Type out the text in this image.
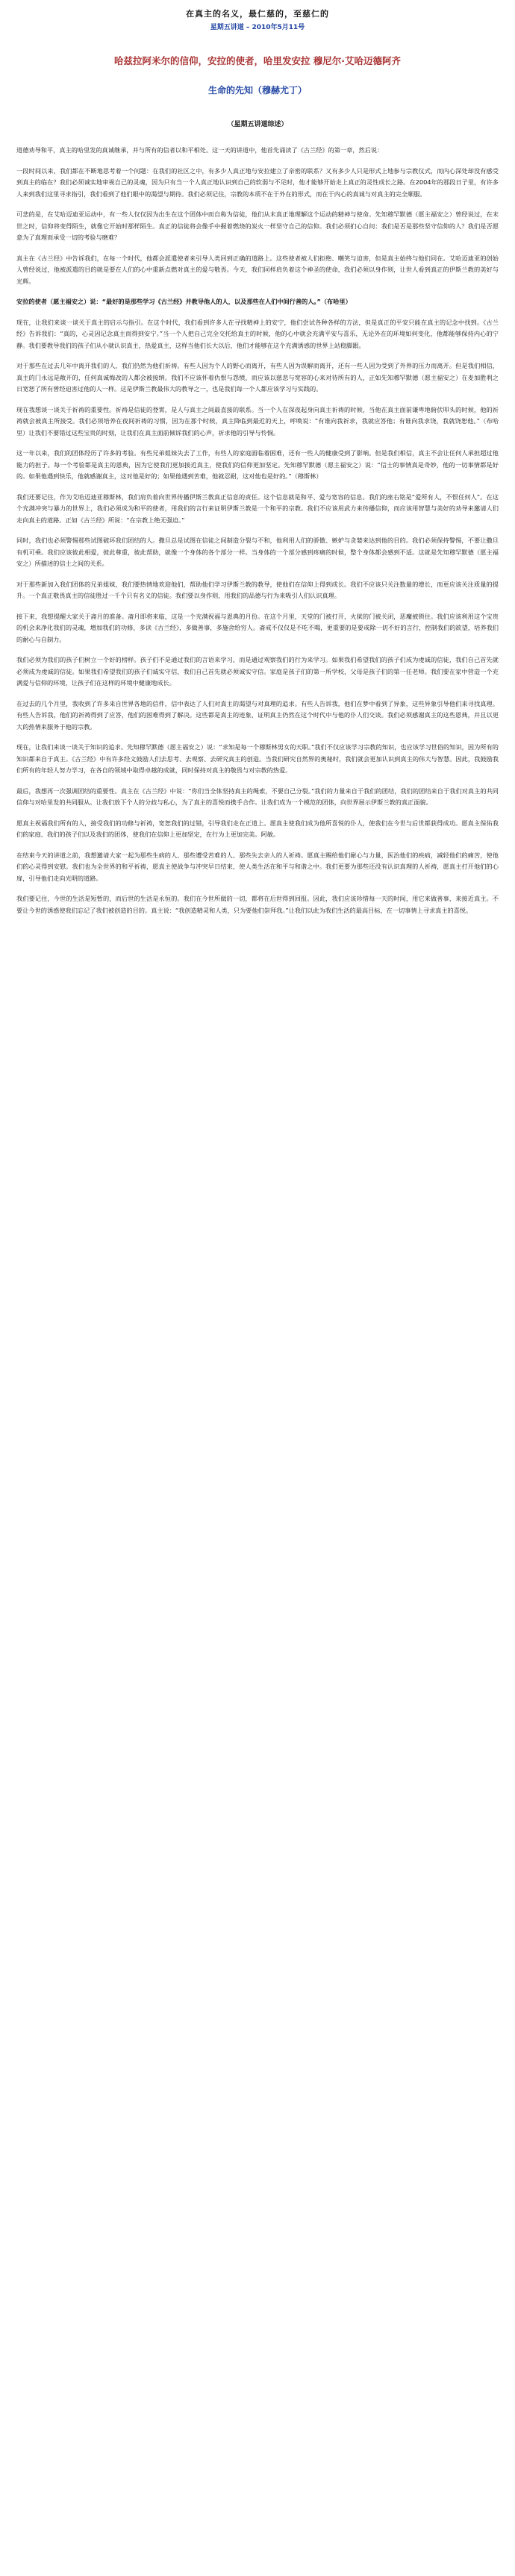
在真主的名义，最仁慈的，至慈仁的
星期五讲道 – 2010年5月11号
哈兹拉阿米尔的信仰，安拉的使者，哈里发安拉 穆尼尔·艾哈迈德阿齐
生命的先知（穆赫尤丁）
（星期五讲道综述）

道德劝导和平，真主的哈里发的真诚继承，并与所有的信者以和平相处。这一天的讲道中，他首先诵读了《古兰经》的第一章，然后说：

一段时间以来，我们都在不断地思考着一个问题：在我们的社区之中，有多少人真正地与安拉建立了亲密的联系？又有多少人只是形式上地参与宗教仪式，而内心深处却没有感受到真主的临在？我们必须诚实地审视自己的灵魂，因为只有当一个人真正地认识到自己的软弱与不足时，他才能够开始走上真正的灵性成长之路。在2004年的那段日子里，有许多人来到我们这里寻求指引，我们看到了他们眼中的渴望与期待。我们必须记住，宗教的本质不在于外在的形式，而在于内心的真诚与对真主的完全顺服。

可悲的是，在艾哈迈迪亚运动中，有一些人仅仅因为出生在这个团体中而自称为信徒，他们从未真正地理解这个运动的精神与使命。先知穆罕默德（愿主福安之）曾经说过，在末世之时，信仰将变得陌生，就像它开始时那样陌生。真正的信徒将会像手中握着燃烧的炭火一样坚守自己的信仰。我们必须扪心自问：我们是否是那些坚守信仰的人？我们是否愿意为了真理而承受一切的考验与磨难？

真主在《古兰经》中告诉我们，在每一个时代，他都会派遣使者来引导人类回到正确的道路上。这些使者被人们拒绝、嘲笑与迫害，但是真主始终与他们同在。艾哈迈迪亚的创始人曾经说过，他被派遣的目的就是要在人们的心中重新点燃对真主的爱与敬畏。今天，我们同样肩负着这个神圣的使命，我们必须以身作则，让世人看到真正的伊斯兰教的美好与光辉。

安拉的使者（愿主福安之）说：“最好的是那些学习《古兰经》并教导他人的人，以及那些在人们中间行善的人。”（布哈里）

现在，让我们来谈一谈关于真主的启示与指引。在这个时代，我们看到许多人在寻找精神上的安宁，他们尝试各种各样的方法，但是真正的平安只能在真主的记念中找到。《古兰经》告诉我们：“真的，心灵因记念真主而得到安宁。”当一个人把自己完全交托给真主的时候，他的心中就会充满平安与喜乐，无论外在的环境如何变化，他都能够保持内心的宁静。我们要教导我们的孩子们从小就认识真主，热爱真主，这样当他们长大以后，他们才能够在这个充满诱惑的世界上站稳脚跟。

对于那些在过去几年中离开我们的人，我们仍然为他们祈祷。有些人因为个人的野心而离开，有些人因为误解而离开，还有一些人因为受到了外界的压力而离开。但是我们相信，真主的门永远是敞开的，任何真诚悔改的人都会被接纳。我们不应该怀着仇恨与怨愤，而应该以慈悲与宽容的心来对待所有的人，正如先知穆罕默德（愿主福安之）在麦加胜利之日宽恕了所有曾经迫害过他的人一样。这是伊斯兰教最伟大的教导之一，也是我们每一个人都应该学习与实践的。

现在我想谈一谈关于祈祷的重要性。祈祷是信徒的登霄，是人与真主之间最直接的联系。当一个人在深夜起身向真主祈祷的时候，当他在真主面前谦卑地俯伏叩头的时候，他的祈祷就会被真主所接受。我们必须培养在夜间祈祷的习惯，因为在那个时候，真主降临到最近的天上，呼唤说：“有谁向我祈求，我就应答他；有谁向我求饶，我就饶恕他。”（布哈里）让我们不要错过这些宝贵的时刻，让我们在真主面前倾诉我们的心声，祈求他的引导与怜悯。

这一年以来，我们的团体经历了许多的考验。有些兄弟姐妹失去了工作，有些人的家庭面临着困难，还有一些人的健康受到了影响。但是我们相信，真主不会让任何人承担超过他能力的担子。每一个考验都是真主的恩典，因为它使我们更加接近真主，使我们的信仰更加坚定。先知穆罕默德（愿主福安之）说：“信士的事情真是奇妙，他的一切事情都是好的。如果他遇到快乐，他就感谢真主，这对他是好的；如果他遇到苦难，他就忍耐，这对他也是好的。”（穆斯林）

我们还要记住，作为艾哈迈迪亚穆斯林，我们肩负着向世界传播伊斯兰教真正信息的责任。这个信息就是和平、爱与宽容的信息。我们的座右铭是“爱所有人，不恨任何人”。在这个充满冲突与暴力的世界上，我们必须成为和平的使者，用我们的言行来证明伊斯兰教是一个和平的宗教。我们不应该用武力来传播信仰，而应该用智慧与美好的劝导来邀请人们走向真主的道路。正如《古兰经》所说：“在宗教上绝无强迫。”

同时，我们也必须警惕那些试图破坏我们团结的人。撒旦总是试图在信徒之间制造分裂与不和，他利用人们的骄傲、嫉妒与贪婪来达到他的目的。我们必须保持警惕，不要让撒旦有机可乘。我们应该彼此相爱，彼此尊重，彼此帮助，就像一个身体的各个部分一样。当身体的一个部分感到疼痛的时候，整个身体都会感到不适。这就是先知穆罕默德（愿主福安之）所描述的信士之间的关系。

对于那些新加入我们团体的兄弟姐妹，我们要热情地欢迎他们，帮助他们学习伊斯兰教的教导，使他们在信仰上得到成长。我们不应该只关注数量的增长，而更应该关注质量的提升。一个真正敬畏真主的信徒胜过一千个只有名义的信徒。我们要以身作则，用我们的品德与行为来吸引人们认识真理。

接下来，我想提醒大家关于斋月的准备。斋月即将来临，这是一个充满祝福与恩典的月份。在这个月里，天堂的门被打开，火狱的门被关闭，恶魔被锁住。我们应该利用这个宝贵的机会来净化我们的灵魂，增加我们的功修，多读《古兰经》，多做善事，多施舍给穷人。斋戒不仅仅是不吃不喝，更重要的是要戒除一切不好的言行，控制我们的欲望，培养我们的耐心与自制力。

我们必须为我们的孩子们树立一个好的榜样。孩子们不是通过我们的言语来学习，而是通过观察我们的行为来学习。如果我们希望我们的孩子们成为虔诚的信徒，我们自己首先就必须成为虔诚的信徒。如果我们希望我们的孩子们诚实守信，我们自己首先就必须诚实守信。家庭是孩子们的第一所学校，父母是孩子们的第一任老师。我们要在家中营造一个充满爱与信仰的环境，让孩子们在这样的环境中健康地成长。

在过去的几个月里，我收到了许多来自世界各地的信件，信中表达了人们对真主的渴望与对真理的追求。有些人告诉我，他们在梦中看到了异象，这些异象引导他们来寻找真理。有些人告诉我，他们的祈祷得到了应答，他们的困难得到了解决。这些都是真主的迹象，证明真主仍然在这个时代中与他的仆人们交谈。我们必须感谢真主的这些恩典，并且以更大的热情来服务于他的宗教。

现在，让我们来谈一谈关于知识的追求。先知穆罕默德（愿主福安之）说：“求知是每一个穆斯林男女的天职。”我们不仅应该学习宗教的知识，也应该学习世俗的知识，因为所有的知识都来自于真主。《古兰经》中有许多经文鼓励人们去思考、去观察、去研究真主的创造。当我们研究自然界的奥秘时，我们就会更加认识到真主的伟大与智慧。因此，我鼓励我们所有的年轻人努力学习，在各自的领域中取得卓越的成就，同时保持对真主的敬畏与对宗教的热爱。

最后，我想再一次强调团结的重要性。真主在《古兰经》中说：“你们当全体坚持真主的绳索，不要自己分裂。”我们的力量来自于我们的团结，我们的团结来自于我们对真主的共同信仰与对哈里发的共同服从。让我们放下个人的分歧与私心，为了真主的喜悦而携手合作。让我们成为一个模范的团体，向世界展示伊斯兰教的真正面貌。

愿真主祝福我们所有的人，接受我们的功修与祈祷，宽恕我们的过错，引导我们走在正道上。愿真主使我们成为他所喜悦的仆人，使我们在今世与后世都获得成功。愿真主保佑我们的家庭、我们的孩子们以及我们的团体，使我们在信仰上更加坚定，在行为上更加完美。阿敏。

在结束今天的讲道之前，我想邀请大家一起为那些生病的人、那些遭受苦难的人、那些失去亲人的人祈祷。愿真主赐给他们耐心与力量，医治他们的疾病，减轻他们的痛苦，使他们的心灵得到安慰。我们也为全世界的和平祈祷，愿真主使战争与冲突早日结束，使人类生活在和平与和谐之中。我们更要为那些还没有认识真理的人祈祷，愿真主打开他们的心扉，引导他们走向光明的道路。

我们要记住，今世的生活是短暂的，而后世的生活是永恒的。我们在今世所做的一切，都将在后世得到回报。因此，我们应该珍惜每一天的时间，用它来做善事，来接近真主。不要让今世的诱惑使我们忘记了我们被创造的目的。真主说：“我创造精灵和人类，只为要他们崇拜我。”让我们以此为我们生活的最高目标，在一切事情上寻求真主的喜悦。
